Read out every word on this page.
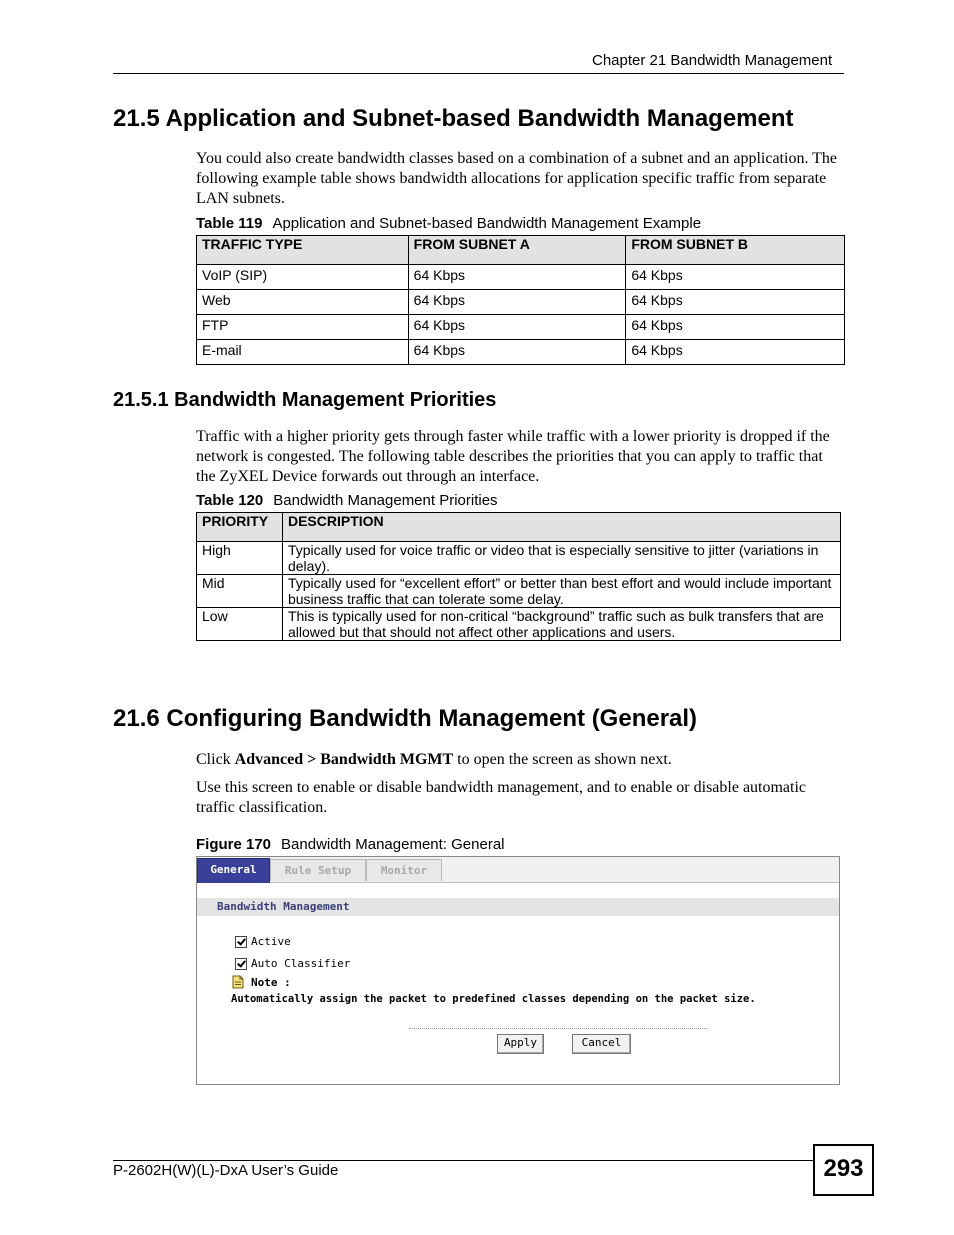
Chapter 21 Bandwidth Management
21.5 Application and Subnet-based Bandwidth Management
You could also create bandwidth classes based on a combination of a subnet and an application. The following example table shows bandwidth allocations for application specific traffic from separate LAN subnets.
Table 119 Application and Subnet-based Bandwidth Management Example
TRAFFIC TYPE	FROM SUBNET A	FROM SUBNET B
VoIP (SIP)	64 Kbps	64 Kbps
Web	64 Kbps	64 Kbps
FTP	64 Kbps	64 Kbps
E-mail	64 Kbps	64 Kbps
21.5.1 Bandwidth Management Priorities
Traffic with a higher priority gets through faster while traffic with a lower priority is dropped if the network is congested. The following table describes the priorities that you can apply to traffic that the ZyXEL Device forwards out through an interface.
Table 120 Bandwidth Management Priorities
PRIORITY	DESCRIPTION
High	Typically used for voice traffic or video that is especially sensitive to jitter (variations in delay).
Mid	Typically used for “excellent effort” or better than best effort and would include important business traffic that can tolerate some delay.
Low	This is typically used for non-critical “background” traffic such as bulk transfers that are allowed but that should not affect other applications and users.
21.6 Configuring Bandwidth Management (General)
Click Advanced > Bandwidth MGMT to open the screen as shown next.
Use this screen to enable or disable bandwidth management, and to enable or disable automatic traffic classification.
Figure 170 Bandwidth Management: General
General	Rule Setup	Monitor
Bandwidth Management
Active
Auto Classifier
Note :
Automatically assign the packet to predefined classes depending on the packet size.
Apply	Cancel
P-2602H(W)(L)-DxA User’s Guide	293
